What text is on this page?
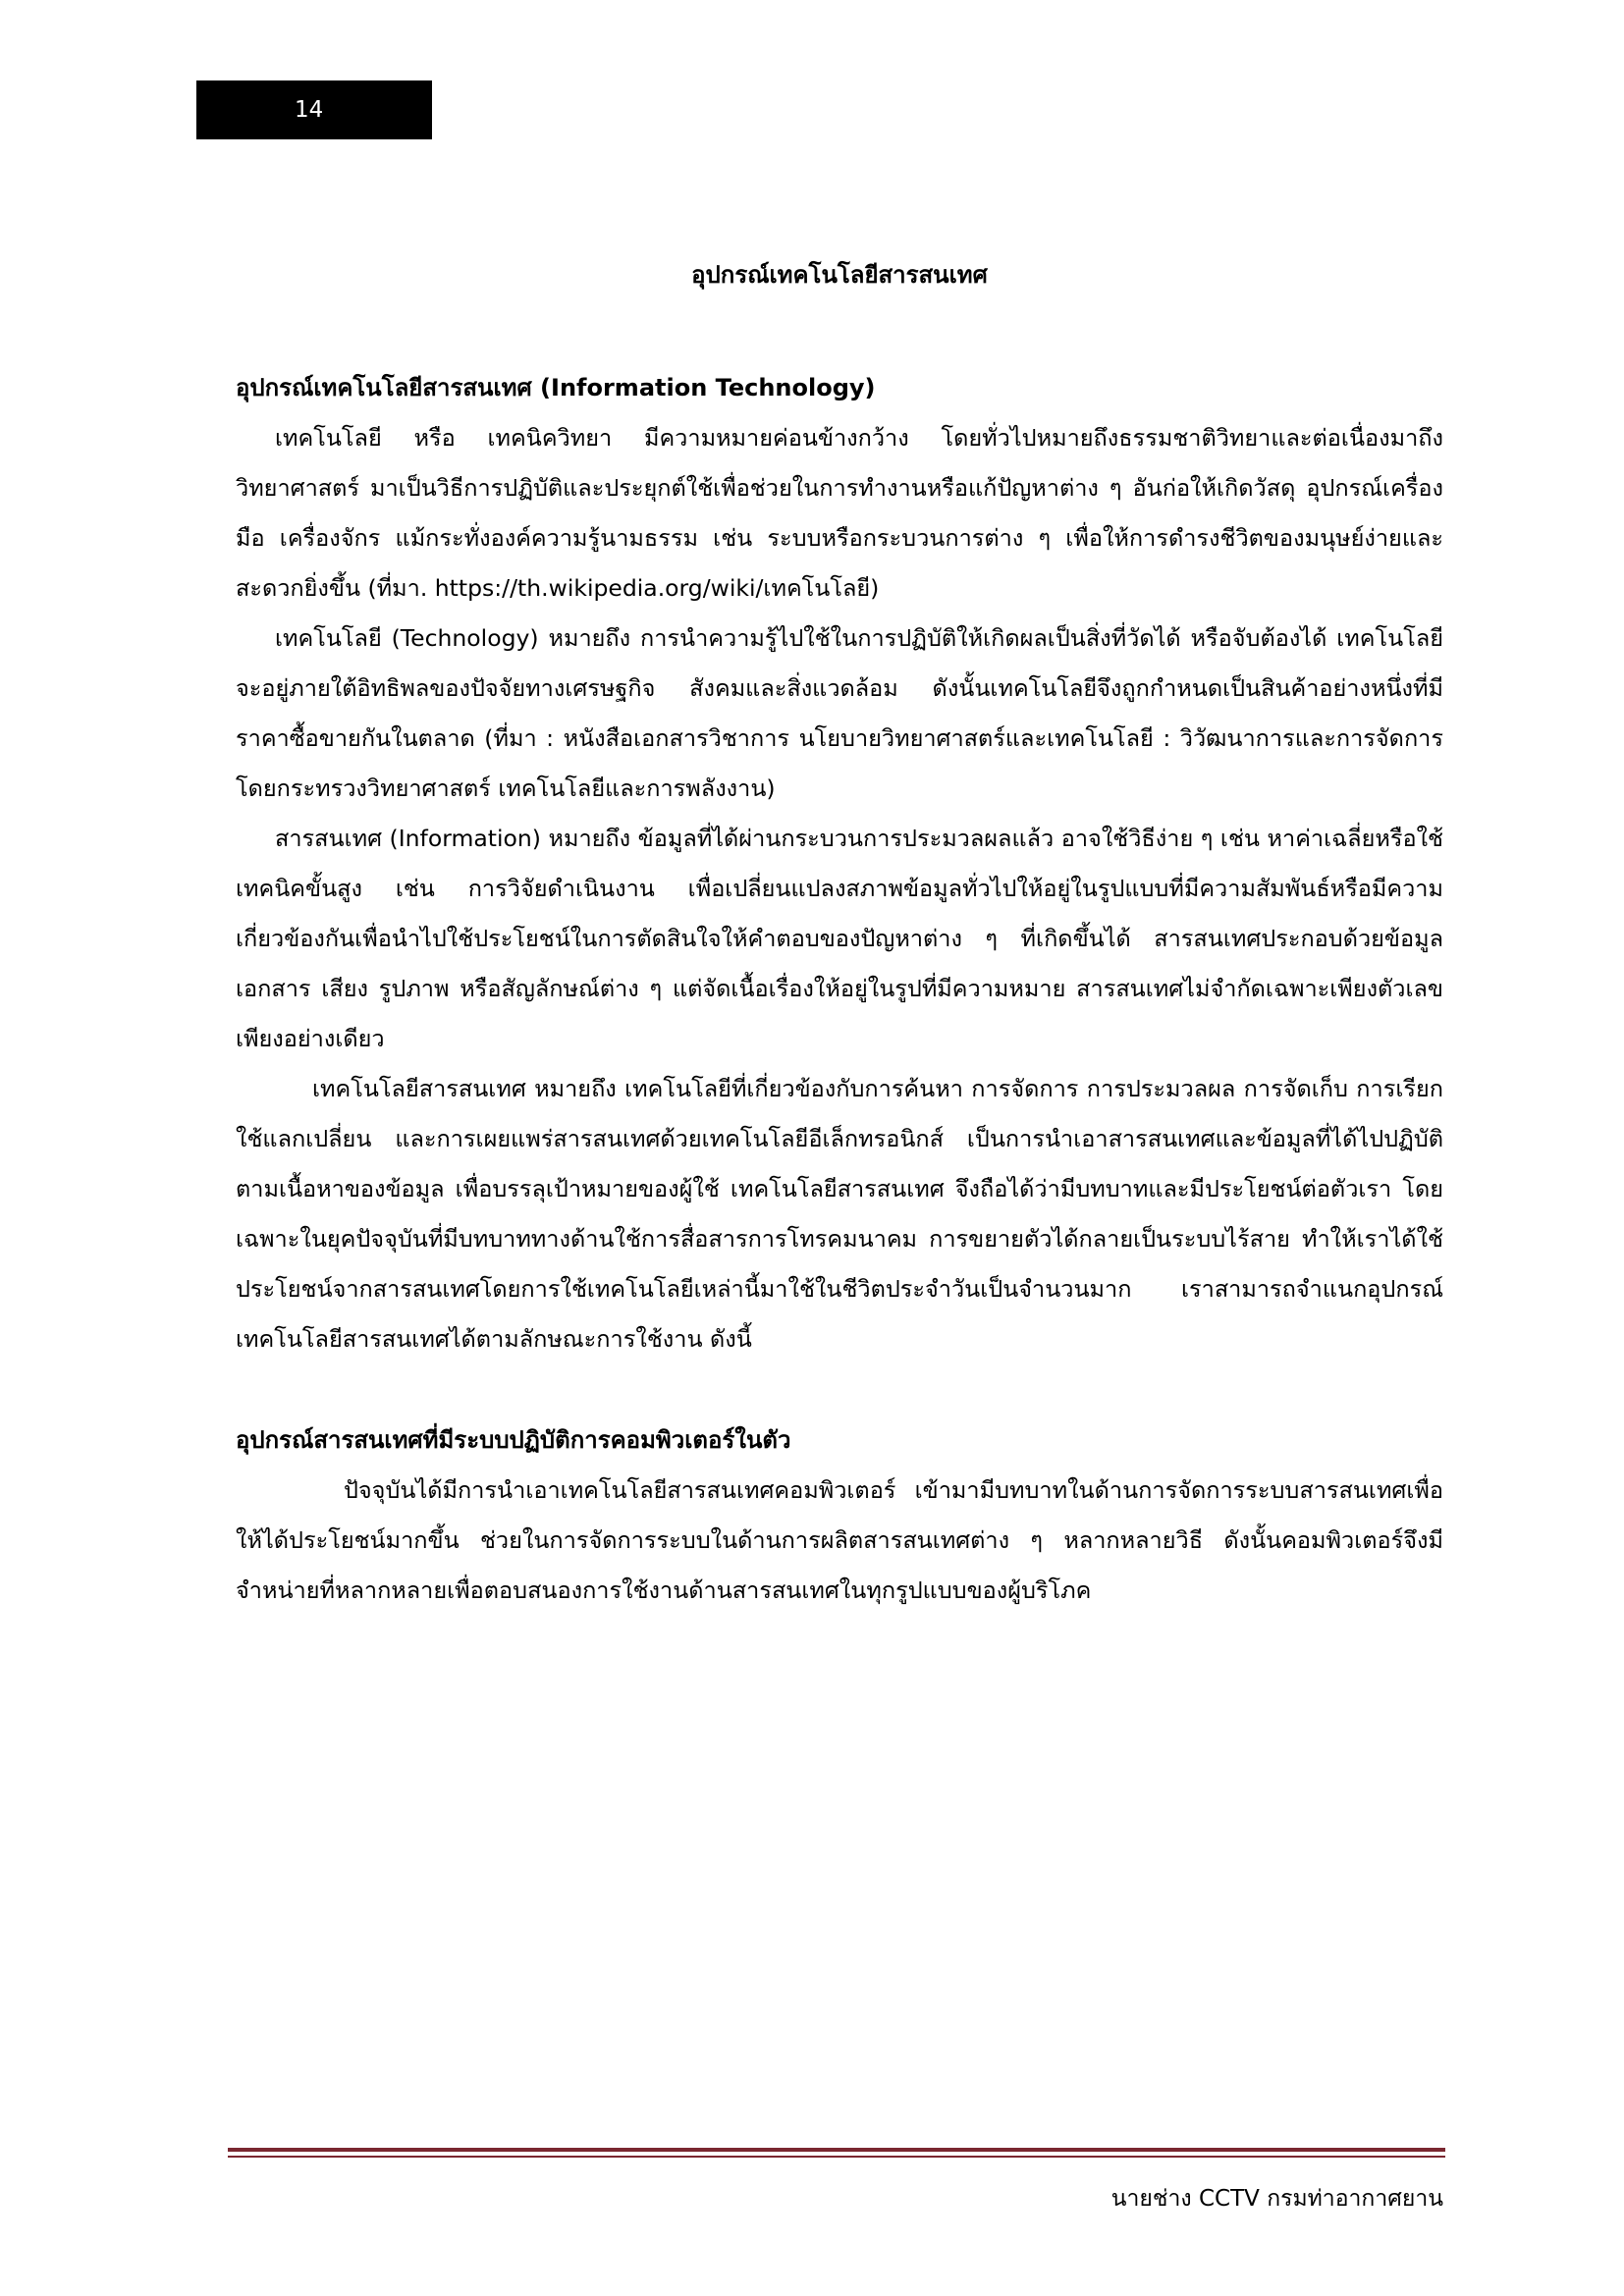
14
อุปกรณ์เทคโนโลยีสารสนเทศ
อุปกรณ์เทคโนโลยีสารสนเทศ (Information Technology)

เทคโนโลยี หรือ เทคนิควิทยา มีความหมายค่อนข้างกว้าง โดยทั่วไปหมายถึงธรรมชาติวิทยาและต่อเนื่องมาถึงวิทยาศาสตร์ มาเป็นวิธีการปฏิบัติและประยุกต์ใช้เพื่อช่วยในการทำงานหรือแก้ปัญหาต่าง ๆ อันก่อให้เกิดวัสดุ อุปกรณ์เครื่องมือ เครื่องจักร แม้กระทั่งองค์ความรู้นามธรรม เช่น ระบบหรือกระบวนการต่าง ๆ เพื่อให้การดำรงชีวิตของมนุษย์ง่ายและสะดวกยิ่งขึ้น (ที่มา. https://th.wikipedia.org/wiki/เทคโนโลยี)

เทคโนโลยี (Technology) หมายถึง การนำความรู้ไปใช้ในการปฏิบัติให้เกิดผลเป็นสิ่งที่วัดได้ หรือจับต้องได้ เทคโนโลยีจะอยู่ภายใต้อิทธิพลของปัจจัยทางเศรษฐกิจ สังคมและสิ่งแวดล้อม ดังนั้นเทคโนโลยีจึงถูกกำหนดเป็นสินค้าอย่างหนึ่งที่มีราคาซื้อขายกันในตลาด (ที่มา : หนังสือเอกสารวิชาการ นโยบายวิทยาศาสตร์และเทคโนโลยี : วิวัฒนาการและการจัดการ โดยกระทรวงวิทยาศาสตร์ เทคโนโลยีและการพลังงาน)

สารสนเทศ (Information) หมายถึง ข้อมูลที่ได้ผ่านกระบวนการประมวลผลแล้ว อาจใช้วิธีง่าย ๆ เช่น หาค่าเฉลี่ยหรือใช้เทคนิคขั้นสูง เช่น การวิจัยดำเนินงาน เพื่อเปลี่ยนแปลงสภาพข้อมูลทั่วไปให้อยู่ในรูปแบบที่มีความสัมพันธ์หรือมีความเกี่ยวข้องกันเพื่อนำไปใช้ประโยชน์ในการตัดสินใจให้คำตอบของปัญหาต่าง ๆ ที่เกิดขึ้นได้ สารสนเทศประกอบด้วยข้อมูลเอกสาร เสียง รูปภาพ หรือสัญลักษณ์ต่าง ๆ แต่จัดเนื้อเรื่องให้อยู่ในรูปที่มีความหมาย สารสนเทศไม่จำกัดเฉพาะเพียงตัวเลขเพียงอย่างเดียว

เทคโนโลยีสารสนเทศ หมายถึง เทคโนโลยีที่เกี่ยวข้องกับการค้นหา การจัดการ การประมวลผล การจัดเก็บ การเรียกใช้แลกเปลี่ยน และการเผยแพร่สารสนเทศด้วยเทคโนโลยีอีเล็กทรอนิกส์ เป็นการนำเอาสารสนเทศและข้อมูลที่ได้ไปปฏิบัติตามเนื้อหาของข้อมูล เพื่อบรรลุเป้าหมายของผู้ใช้ เทคโนโลยีสารสนเทศ จึงถือได้ว่ามีบทบาทและมีประโยชน์ต่อตัวเรา โดยเฉพาะในยุคปัจจุบันที่มีบทบาททางด้านใช้การสื่อสารการโทรคมนาคม การขยายตัวได้กลายเป็นระบบไร้สาย ทำให้เราได้ใช้ประโยชน์จากสารสนเทศโดยการใช้เทคโนโลยีเหล่านี้มาใช้ในชีวิตประจำวันเป็นจำนวนมาก เราสามารถจำแนกอุปกรณ์เทคโนโลยีสารสนเทศได้ตามลักษณะการใช้งาน ดังนี้

อุปกรณ์สารสนเทศที่มีระบบปฏิบัติการคอมพิวเตอร์ในตัว

ปัจจุบันได้มีการนำเอาเทคโนโลยีสารสนเทศคอมพิวเตอร์ เข้ามามีบทบาทในด้านการจัดการระบบสารสนเทศเพื่อให้ได้ประโยชน์มากขึ้น ช่วยในการจัดการระบบในด้านการผลิตสารสนเทศต่าง ๆ หลากหลายวิธี ดังนั้นคอมพิวเตอร์จึงมีจำหน่ายที่หลากหลายเพื่อตอบสนองการใช้งานด้านสารสนเทศในทุกรูปแบบของผู้บริโภค

นายช่าง CCTV กรมท่าอากาศยาน
